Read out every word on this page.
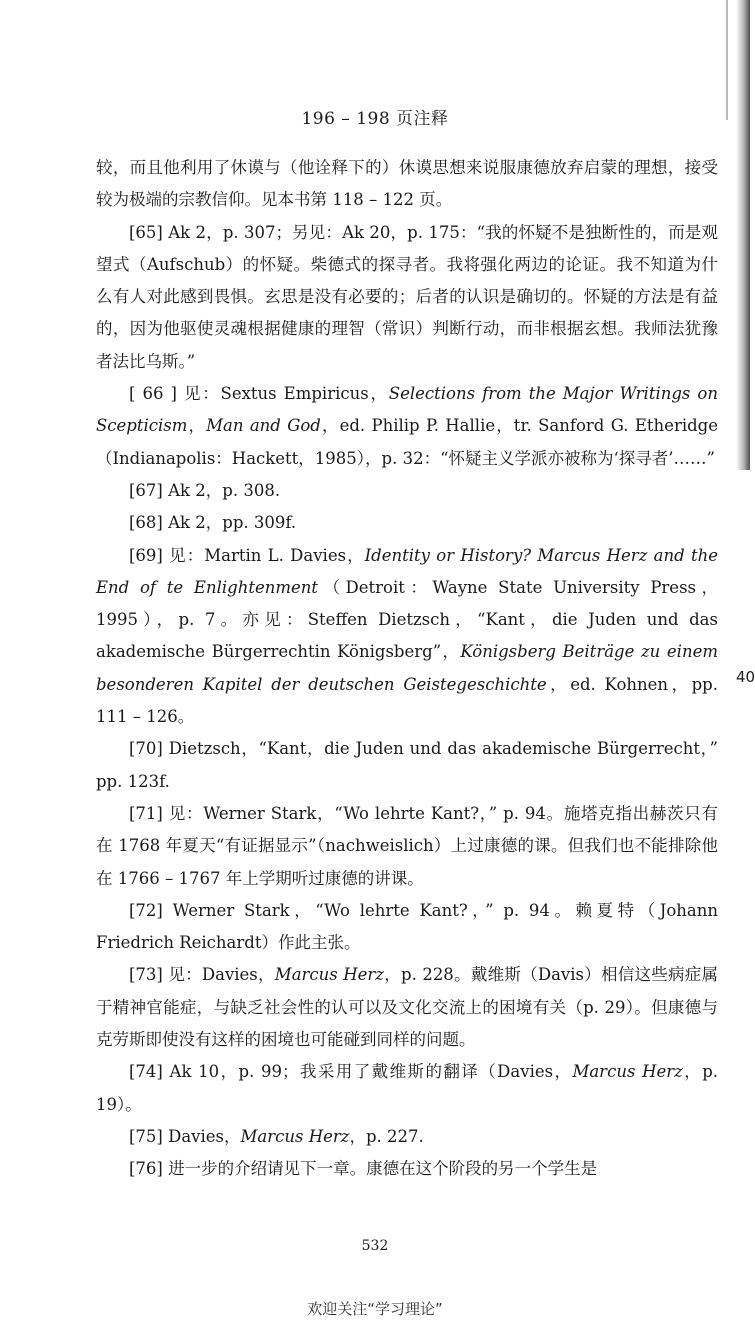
196 – 198 页注释

较，而且他利用了休谟与（他诠释下的）休谟思想来说服康德放弃启蒙的理想，接受较为极端的宗教信仰。见本书第 118 – 122 页。

[65] Ak 2，p. 307；另见：Ak 20，p. 175：“我的怀疑不是独断性的，而是观望式（Aufschub）的怀疑。柴德式的探寻者。我将强化两边的论证。我不知道为什么有人对此感到畏惧。玄思是没有必要的；后者的认识是确切的。怀疑的方法是有益的，因为他驱使灵魂根据健康的理智（常识）判断行动，而非根据玄想。我师法犹豫者法比乌斯。”

[ 66 ] 见：Sextus Empiricus，Selections from the Major Writings on Scepticism，Man and God，ed. Philip P. Hallie，tr. Sanford G. Etheridge（Indianapolis：Hackett，1985），p. 32：“怀疑主义学派亦被称为‘探寻者’……”

[67] Ak 2，p. 308.

[68] Ak 2，pp. 309f.

[69] 见：Martin L. Davies，Identity or History? Marcus Herz and the End of te Enlightenment（Detroit：Wayne State University Press，1995），p. 7。亦见：Steffen Dietzsch，“Kant，die Juden und das akademische Bürgerrechtin Königsberg”，Königsberg Beiträge zu einem besonderen Kapitel der deutschen Geistegeschichte，ed. Kohnen，pp. 111 – 126。

[70] Dietzsch，“Kant，die Juden und das akademische Bürgerrecht，” pp. 123f.

[71] 见：Werner Stark，“Wo lehrte Kant?，” p. 94。施塔克指出赫茨只有在 1768 年夏天“有证据显示”（nachweislich）上过康德的课。但我们也不能排除他在 1766 – 1767 年上学期听过康德的讲课。

[72] Werner Stark，“Wo lehrte Kant?，” p. 94。赖夏特（Johann Friedrich Reichardt）作此主张。

[73] 见：Davies，Marcus Herz，p. 228。戴维斯（Davis）相信这些病症属于精神官能症，与缺乏社会性的认可以及文化交流上的困境有关（p. 29）。但康德与克劳斯即使没有这样的困境也可能碰到同样的问题。

[74] Ak 10，p. 99；我采用了戴维斯的翻译（Davies，Marcus Herz，p. 19）。

[75] Davies，Marcus Herz，p. 227.

[76] 进一步的介绍请见下一章。康德在这个阶段的另一个学生是

40
532
欢迎关注“学习理论”
